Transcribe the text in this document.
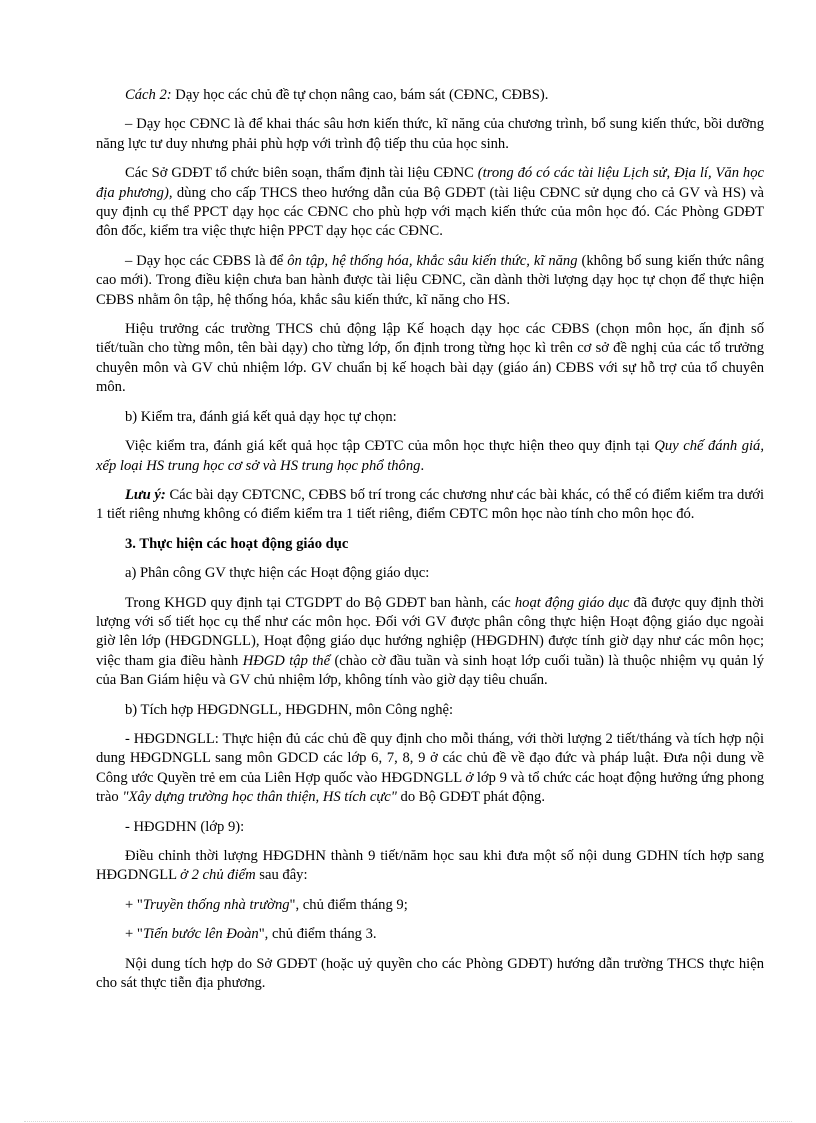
Cách 2: Dạy học các chủ đề tự chọn nâng cao, bám sát (CĐNC, CĐBS).

– Dạy học CĐNC là để khai thác sâu hơn kiến thức, kĩ năng của chương trình, bổ sung kiến thức, bồi dưỡng năng lực tư duy nhưng phải phù hợp với trình độ tiếp thu của học sinh.

Các Sở GDĐT tổ chức biên soạn, thẩm định tài liệu CĐNC (trong đó có các tài liệu Lịch sử, Địa lí, Văn học địa phương), dùng cho cấp THCS theo hướng dẫn của Bộ GDĐT (tài liệu CĐNC sử dụng cho cả GV và HS) và quy định cụ thể PPCT dạy học các CĐNC cho phù hợp với mạch kiến thức của môn học đó. Các Phòng GDĐT đôn đốc, kiểm tra việc thực hiện PPCT dạy học các CĐNC.

– Dạy học các CĐBS là để ôn tập, hệ thống hóa, khắc sâu kiến thức, kĩ năng (không bổ sung kiến thức nâng cao mới). Trong điều kiện chưa ban hành được tài liệu CĐNC, cần dành thời lượng dạy học tự chọn để thực hiện CĐBS nhằm ôn tập, hệ thống hóa, khắc sâu kiến thức, kĩ năng cho HS.

Hiệu trưởng các trường THCS chủ động lập Kế hoạch dạy học các CĐBS (chọn môn học, ấn định số tiết/tuần cho từng môn, tên bài dạy) cho từng lớp, ổn định trong từng học kì trên cơ sở đề nghị của các tổ trưởng chuyên môn và GV chủ nhiệm lớp. GV chuẩn bị kế hoạch bài dạy (giáo án) CĐBS với sự hỗ trợ của tổ chuyên môn.

b) Kiểm tra, đánh giá kết quả dạy học tự chọn:

Việc kiểm tra, đánh giá kết quả học tập CĐTC của môn học thực hiện theo quy định tại Quy chế đánh giá, xếp loại HS trung học cơ sở và HS trung học phổ thông.

Lưu ý: Các bài dạy CĐTCNC, CĐBS bố trí trong các chương như các bài khác, có thể có điểm kiểm tra dưới 1 tiết riêng nhưng không có điểm kiểm tra 1 tiết riêng, điểm CĐTC môn học nào tính cho môn học đó.

3. Thực hiện các hoạt động giáo dục

a) Phân công GV thực hiện các Hoạt động giáo dục:

Trong KHGD quy định tại CTGDPT do Bộ GDĐT ban hành, các hoạt động giáo dục đã được quy định thời lượng với số tiết học cụ thể như các môn học. Đối với GV được phân công thực hiện Hoạt động giáo dục ngoài giờ lên lớp (HĐGDNGLL), Hoạt động giáo dục hướng nghiệp (HĐGDHN) được tính giờ dạy như các môn học; việc tham gia điều hành HĐGD tập thể (chào cờ đầu tuần và sinh hoạt lớp cuối tuần) là thuộc nhiệm vụ quản lý của Ban Giám hiệu và GV chủ nhiệm lớp, không tính vào giờ dạy tiêu chuẩn.

b) Tích hợp HĐGDNGLL, HĐGDHN, môn Công nghệ:

- HĐGDNGLL: Thực hiện đủ các chủ đề quy định cho mỗi tháng, với thời lượng 2 tiết/tháng và tích hợp nội dung HĐGDNGLL sang môn GDCD các lớp 6, 7, 8, 9 ở các chủ đề về đạo đức và pháp luật. Đưa nội dung về Công ước Quyền trẻ em của Liên Hợp quốc vào HĐGDNGLL ở lớp 9 và tổ chức các hoạt động hưởng ứng phong trào "Xây dựng trường học thân thiện, HS tích cực" do Bộ GDĐT phát động.

- HĐGDHN (lớp 9):

Điều chỉnh thời lượng HĐGDHN thành 9 tiết/năm học sau khi đưa một số nội dung GDHN tích hợp sang HĐGDNGLL ở 2 chủ điểm sau đây:

+ "Truyền thống nhà trường", chủ điểm tháng 9;

+ "Tiến bước lên Đoàn", chủ điểm tháng 3.

Nội dung tích hợp do Sở GDĐT (hoặc uỷ quyền cho các Phòng GDĐT) hướng dẫn trường THCS thực hiện cho sát thực tiễn địa phương.
